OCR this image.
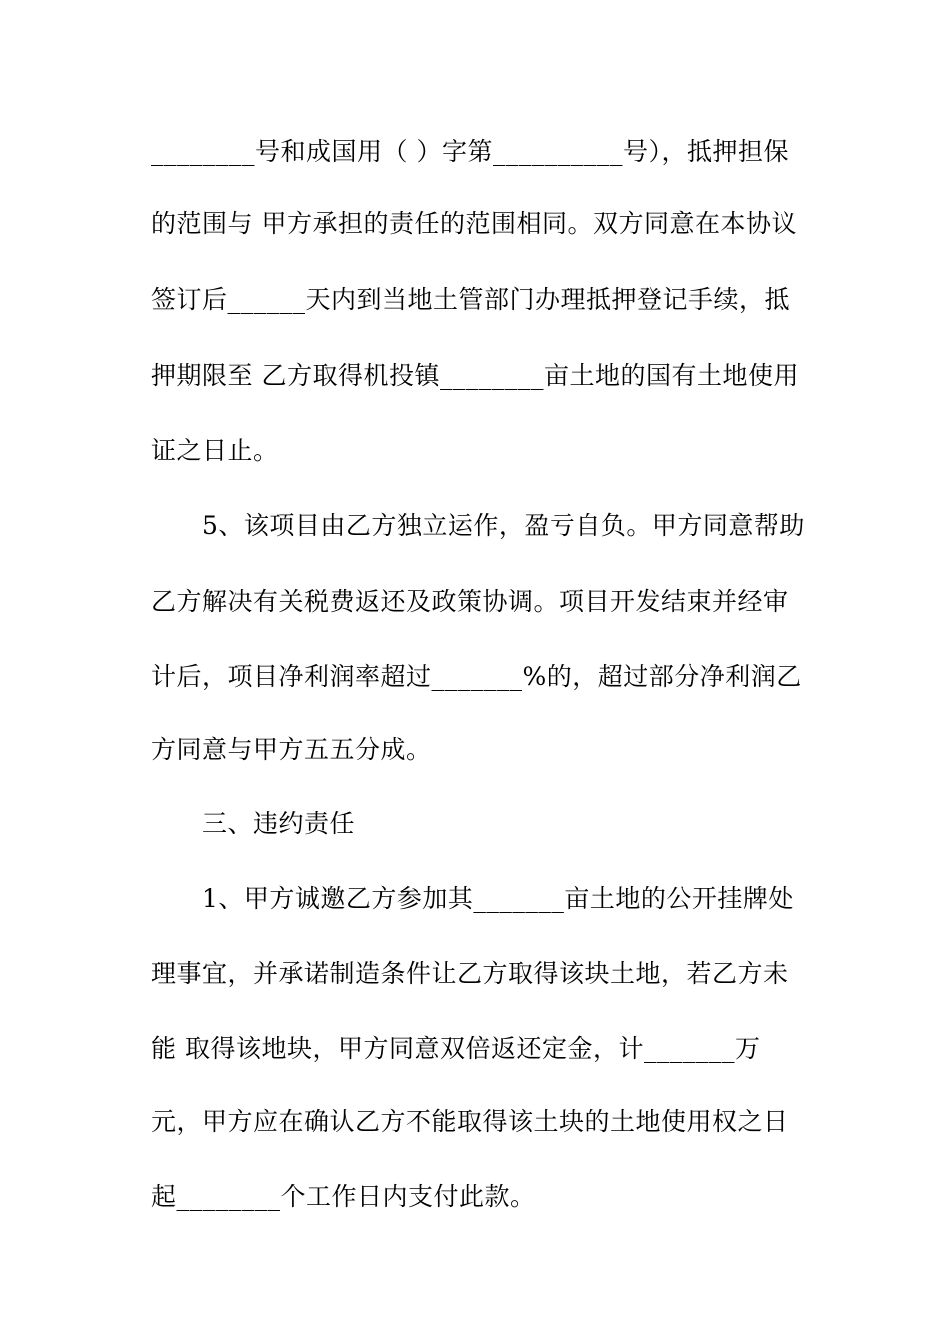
________号和成国用（ ）字第__________号），抵押担保
的范围与 甲方承担的责任的范围相同。双方同意在本协议
签订后______天内到当地土管部门办理抵押登记手续，抵
押期限至 乙方取得机投镇________亩土地的国有土地使用
证之日止。
5、该项目由乙方独立运作，盈亏自负。甲方同意帮助
乙方解决有关税费返还及政策协调。项目开发结束并经审
计后，项目净利润率超过_______%的，超过部分净利润乙
方同意与甲方五五分成。
三、违约责任
1、甲方诚邀乙方参加其_______亩土地的公开挂牌处
理事宜，并承诺制造条件让乙方取得该块土地，若乙方未
能 取得该地块，甲方同意双倍返还定金，计_______万
元，甲方应在确认乙方不能取得该土块的土地使用权之日
起________个工作日内支付此款。
